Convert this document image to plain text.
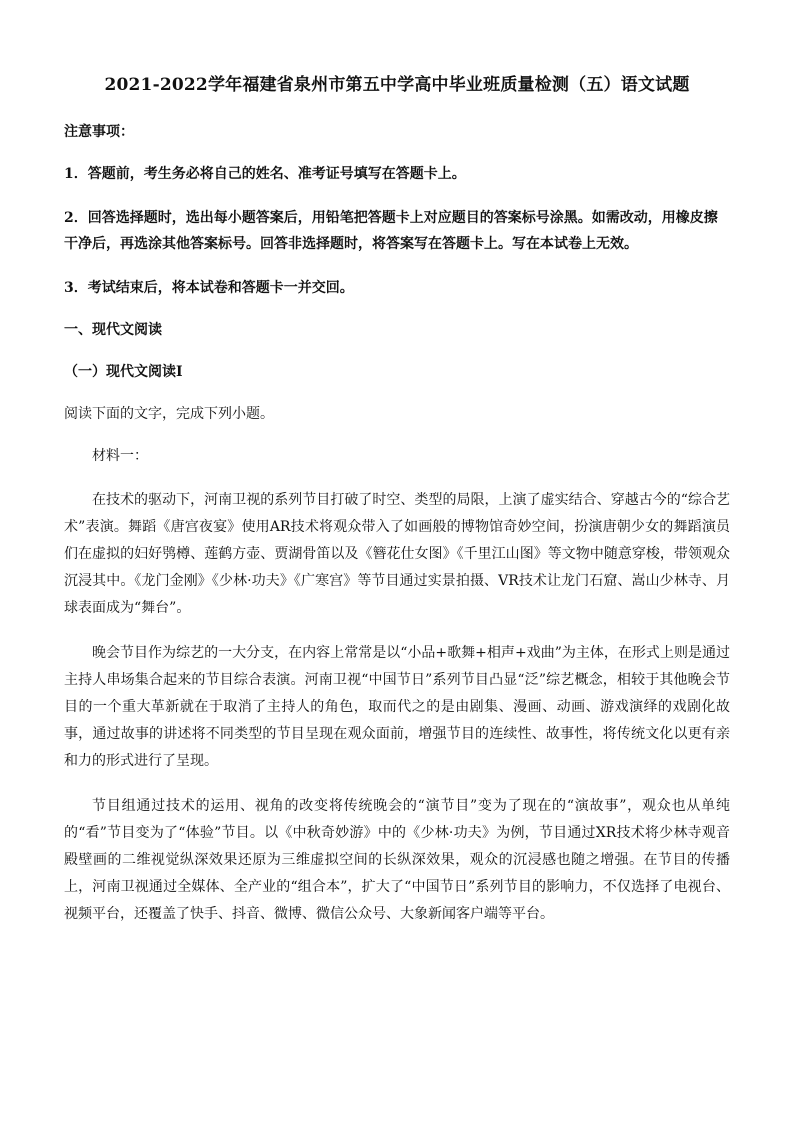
2021-2022学年福建省泉州市第五中学高中毕业班质量检测（五）语文试题
注意事项：
1．答题前，考生务必将自己的姓名、准考证号填写在答题卡上。
2．回答选择题时，选出每小题答案后，用铅笔把答题卡上对应题目的答案标号涂黑。如需改动，用橡皮擦干净后，再选涂其他答案标号。回答非选择题时，将答案写在答题卡上。写在本试卷上无效。
3．考试结束后，将本试卷和答题卡一并交回。
一、现代文阅读
（一）现代文阅读Ⅰ
阅读下面的文字，完成下列小题。
材料一：

在技术的驱动下，河南卫视的系列节目打破了时空、类型的局限，上演了虚实结合、穿越古今的“综合艺术”表演。舞蹈《唐宫夜宴》使用AR技术将观众带入了如画般的博物馆奇妙空间，扮演唐朝少女的舞蹈演员们在虚拟的妇好鸮樽、莲鹤方壶、贾湖骨笛以及《簪花仕女图》《千里江山图》等文物中随意穿梭，带领观众沉浸其中。《龙门金刚》《少林·功夫》《广寒宫》等节目通过实景拍摄、VR技术让龙门石窟、嵩山少林寺、月球表面成为“舞台”。

晚会节目作为综艺的一大分支，在内容上常常是以“小品+歌舞+相声+戏曲”为主体，在形式上则是通过主持人串场集合起来的节目综合表演。河南卫视“中国节日”系列节目凸显“泛”综艺概念，相较于其他晚会节目的一个重大革新就在于取消了主持人的角色，取而代之的是由剧集、漫画、动画、游戏演绎的戏剧化故事，通过故事的讲述将不同类型的节目呈现在观众面前，增强节目的连续性、故事性，将传统文化以更有亲和力的形式进行了呈现。

节目组通过技术的运用、视角的改变将传统晚会的“演节目”变为了现在的“演故事”，观众也从单纯的“看”节目变为了“体验”节目。以《中秋奇妙游》中的《少林·功夫》为例，节目通过XR技术将少林寺观音殿壁画的二维视觉纵深效果还原为三维虚拟空间的长纵深效果，观众的沉浸感也随之增强。在节目的传播上，河南卫视通过全媒体、全产业的“组合本”，扩大了“中国节日”系列节目的影响力，不仅选择了电视台、视频平台，还覆盖了快手、抖音、微博、微信公众号、大象新闻客户端等平台。
